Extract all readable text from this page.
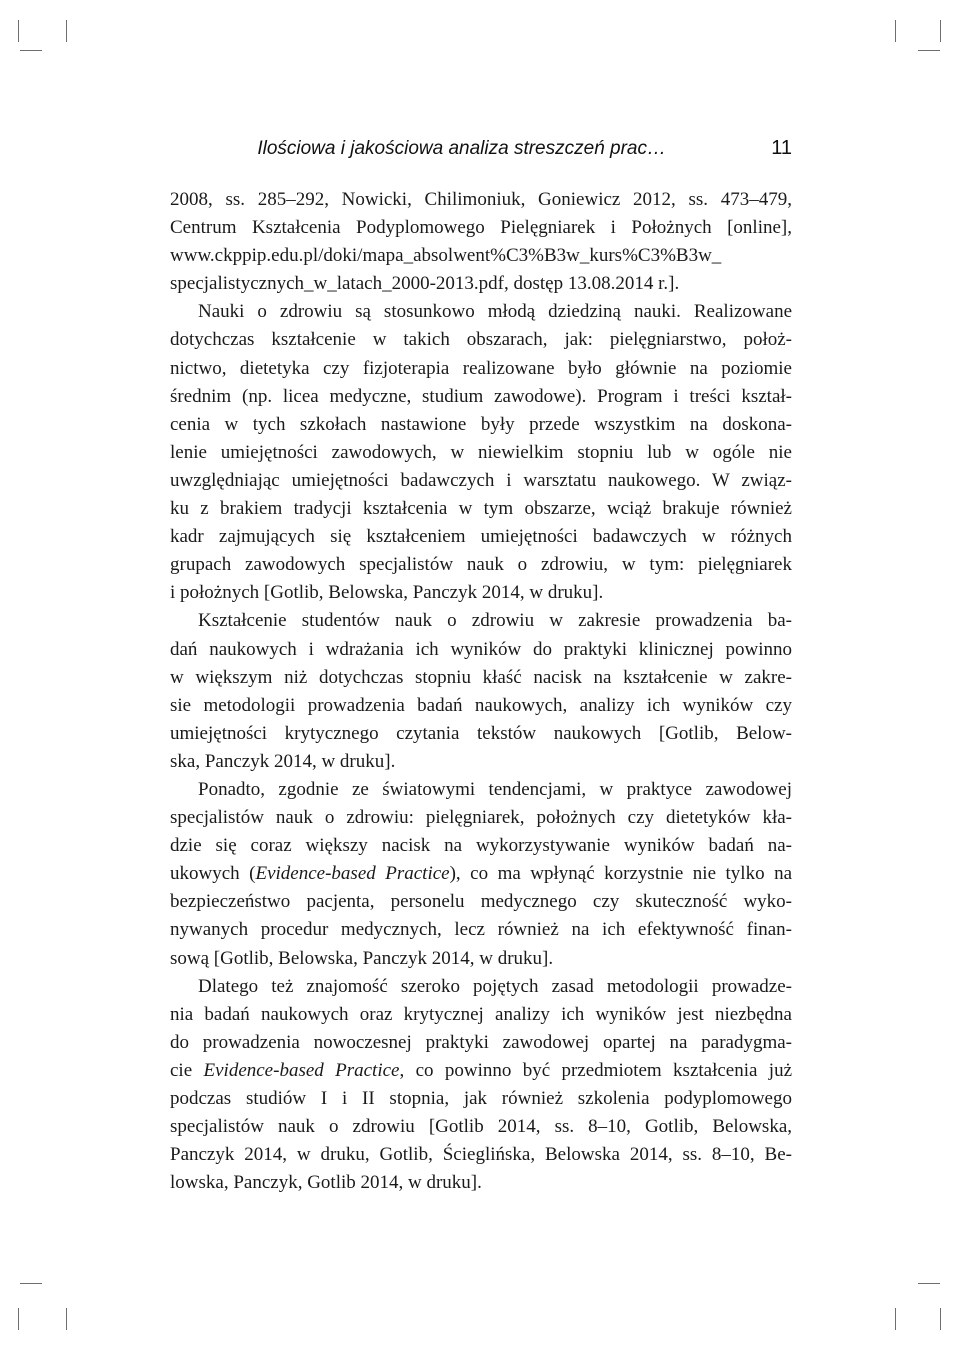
Ilościowa i jakościowa analiza streszczeń prac…	11
2008, ss. 285–292, Nowicki, Chilimoniuk, Goniewicz 2012, ss. 473–479,
Centrum Kształcenia Podyplomowego Pielęgniarek i Położnych [online],
www.ckppip.edu.pl/doki/mapa_absolwent%C3%B3w_kurs%C3%B3w_
specjalistycznych_w_latach_2000-2013.pdf, dostęp 13.08.2014 r.].
Nauki o zdrowiu są stosunkowo młodą dziedziną nauki. Realizowane
dotychczas kształcenie w takich obszarach, jak: pielęgniarstwo, położ-
nictwo, dietetyka czy fizjoterapia realizowane było głównie na poziomie
średnim (np. licea medyczne, studium zawodowe). Program i treści kształ-
cenia w tych szkołach nastawione były przede wszystkim na doskona-
lenie umiejętności zawodowych, w niewielkim stopniu lub w ogóle nie
uwzględniając umiejętności badawczych i warsztatu naukowego. W związ-
ku z brakiem tradycji kształcenia w tym obszarze, wciąż brakuje również
kadr zajmujących się kształceniem umiejętności badawczych w różnych
grupach zawodowych specjalistów nauk o zdrowiu, w tym: pielęgniarek
i położnych [Gotlib, Belowska, Panczyk 2014, w druku].
Kształcenie studentów nauk o zdrowiu w zakresie prowadzenia ba-
dań naukowych i wdrażania ich wyników do praktyki klinicznej powinno
w większym niż dotychczas stopniu kłaść nacisk na kształcenie w zakre-
sie metodologii prowadzenia badań naukowych, analizy ich wyników czy
umiejętności krytycznego czytania tekstów naukowych [Gotlib, Below-
ska, Panczyk 2014, w druku].
Ponadto, zgodnie ze światowymi tendencjami, w praktyce zawodowej
specjalistów nauk o zdrowiu: pielęgniarek, położnych czy dietetyków kła-
dzie się coraz większy nacisk na wykorzystywanie wyników badań na-
ukowych (Evidence-based Practice), co ma wpłynąć korzystnie nie tylko na
bezpieczeństwo pacjenta, personelu medycznego czy skuteczność wyko-
nywanych procedur medycznych, lecz również na ich efektywność finan-
sową [Gotlib, Belowska, Panczyk 2014, w druku].
Dlatego też znajomość szeroko pojętych zasad metodologii prowadze-
nia badań naukowych oraz krytycznej analizy ich wyników jest niezbędna
do prowadzenia nowoczesnej praktyki zawodowej opartej na paradygma-
cie Evidence-based Practice, co powinno być przedmiotem kształcenia już
podczas studiów I i II stopnia, jak również szkolenia podyplomowego
specjalistów nauk o zdrowiu [Gotlib 2014, ss. 8–10, Gotlib, Belowska,
Panczyk 2014, w druku, Gotlib, Ścieglińska, Belowska 2014, ss. 8–10, Be-
lowska, Panczyk, Gotlib 2014, w druku].
